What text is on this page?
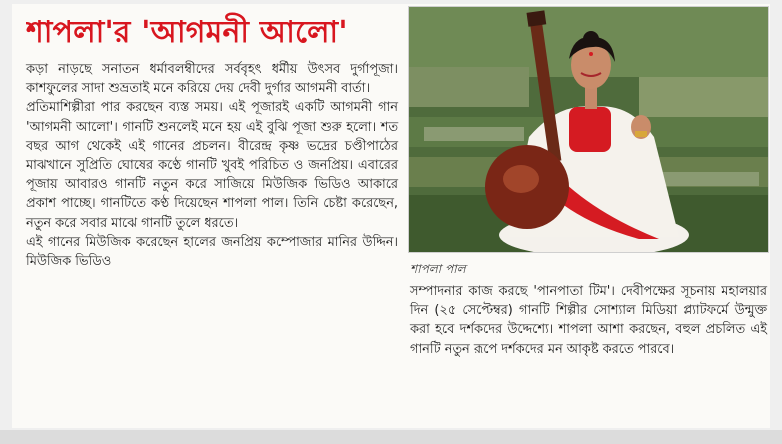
শাপলা'র 'আগমনী আলো'

কড়া নাড়ছে সনাতন ধর্মাবলম্বীদের সর্ববৃহৎ ধর্মীয় উৎসব দুর্গাপূজা। কাশফুলের সাদা শুভ্রতাই মনে করিয়ে দেয় দেবী দুর্গার আগমনী বার্তা।

প্রতিমাশিল্পীরা পার করছেন ব্যস্ত সময়। এই পূজারই একটি আগমনী গান 'আগমনী আলো'। গানটি শুনলেই মনে হয় এই বুঝি পূজা শুরু হলো। শত বছর আগ থেকেই এই গানের প্রচলন। বীরেন্দ্র কৃষ্ণ ভদ্রের চণ্ডীপাঠের মাঝখানে সুপ্রিতি ঘোষের কণ্ঠে গানটি খুবই পরিচিত ও জনপ্রিয়। এবারের পূজায় আবারও গানটি নতুন করে সাজিয়ে মিউজিক ভিডিও আকারে প্রকাশ পাচ্ছে। গানটিতে কণ্ঠ দিয়েছেন শাপলা পাল। তিনি চেষ্টা করেছেন, নতুন করে সবার মাঝে গানটি তুলে ধরতে।

এই গানের মিউজিক করেছেন হালের জনপ্রিয় কম্পোজার মানির উদ্দিন। মিউজিক ভিডিও	শাপলা পাল

সম্পাদনার কাজ করছে 'পানপাতা টিম'। দেবীপক্ষের সূচনায় মহালয়ার দিন (২৫ সেপ্টেম্বর) গানটি শিল্পীর সোশ্যাল মিডিয়া প্ল্যাটফর্মে উন্মুক্ত করা হবে দর্শকদের উদ্দেশ্যে। শাপলা আশা করছেন, বহুল প্রচলিত এই গানটি নতুন রূপে দর্শকদের মন আকৃষ্ট করতে পারবে।
